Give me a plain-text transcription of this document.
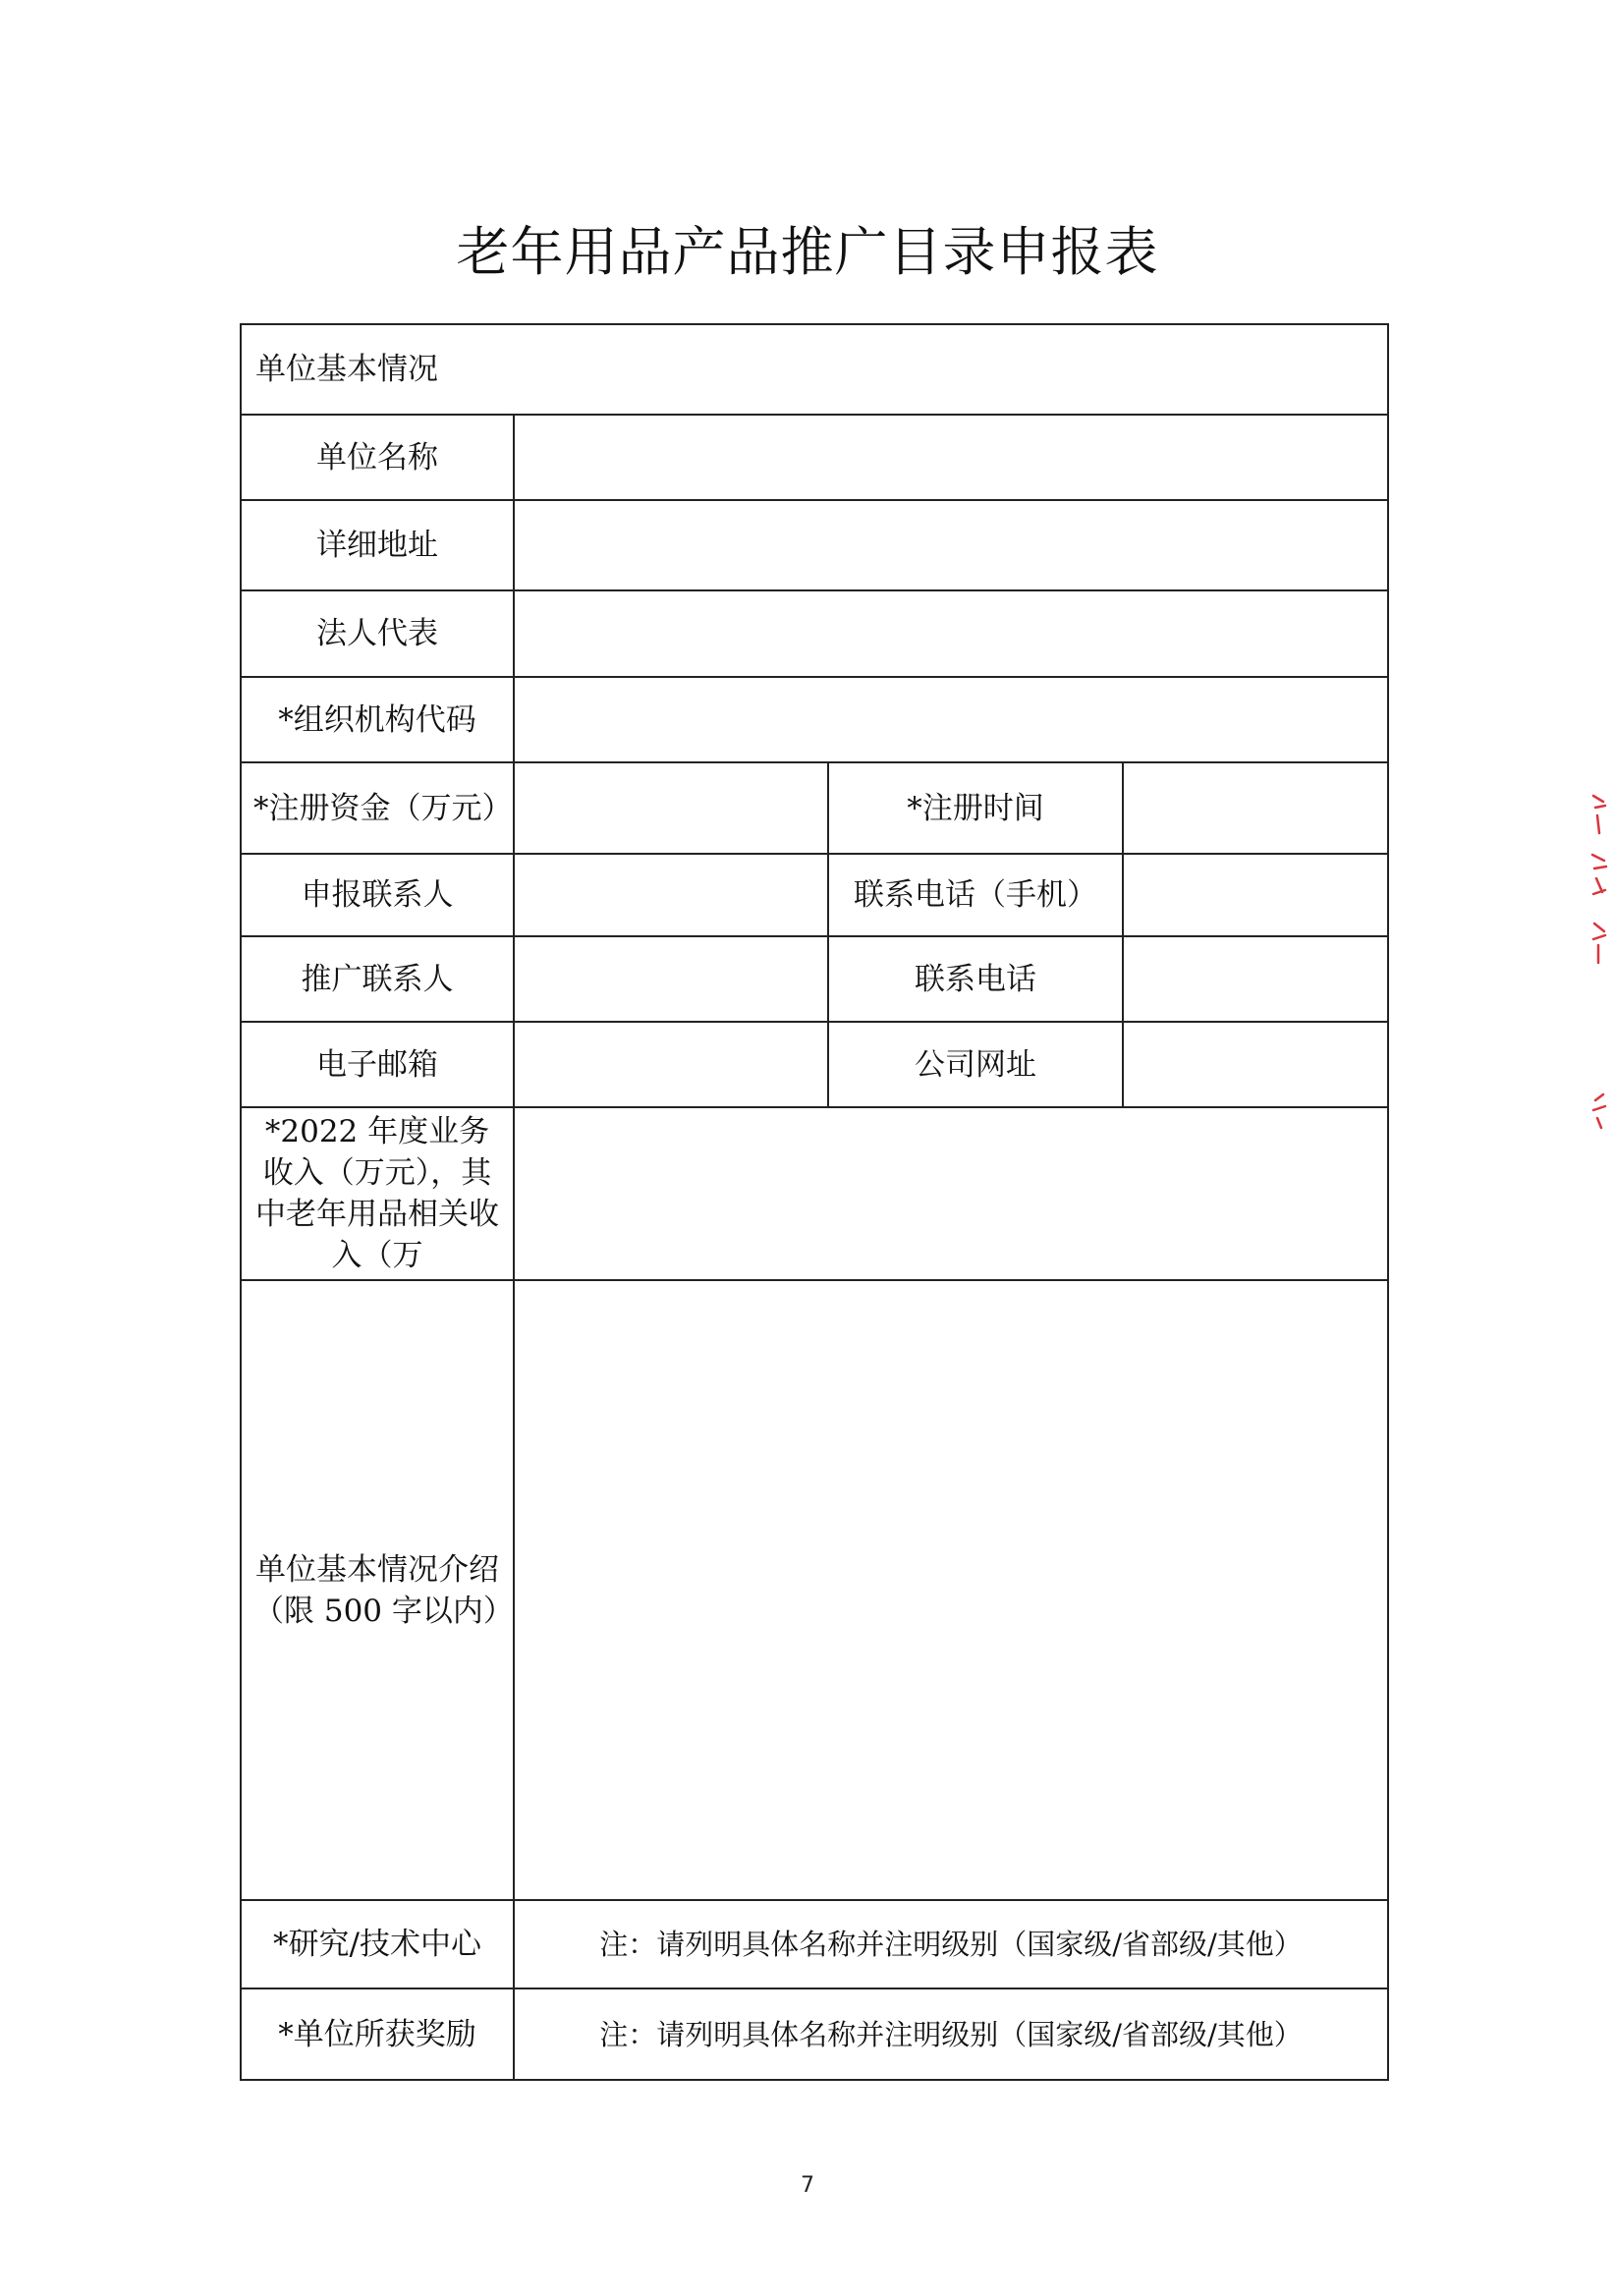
老年用品产品推广目录申报表
单位基本情况			
单位名称			
详细地址			
法人代表			
*组织机构代码			
*注册资金（万元）		*注册时间	
申报联系人		联系电话（手机）	
推广联系人		联系电话	
电子邮箱		公司网址	
*2022 年度业务收入（万元），其中老年用品相关收入（万			
单位基本情况介绍（限 500 字以内）			
*研究/技术中心	注：请列明具体名称并注明级别（国家级/省部级/其他）		
*单位所获奖励	注：请列明具体名称并注明级别（国家级/省部级/其他）		
7
